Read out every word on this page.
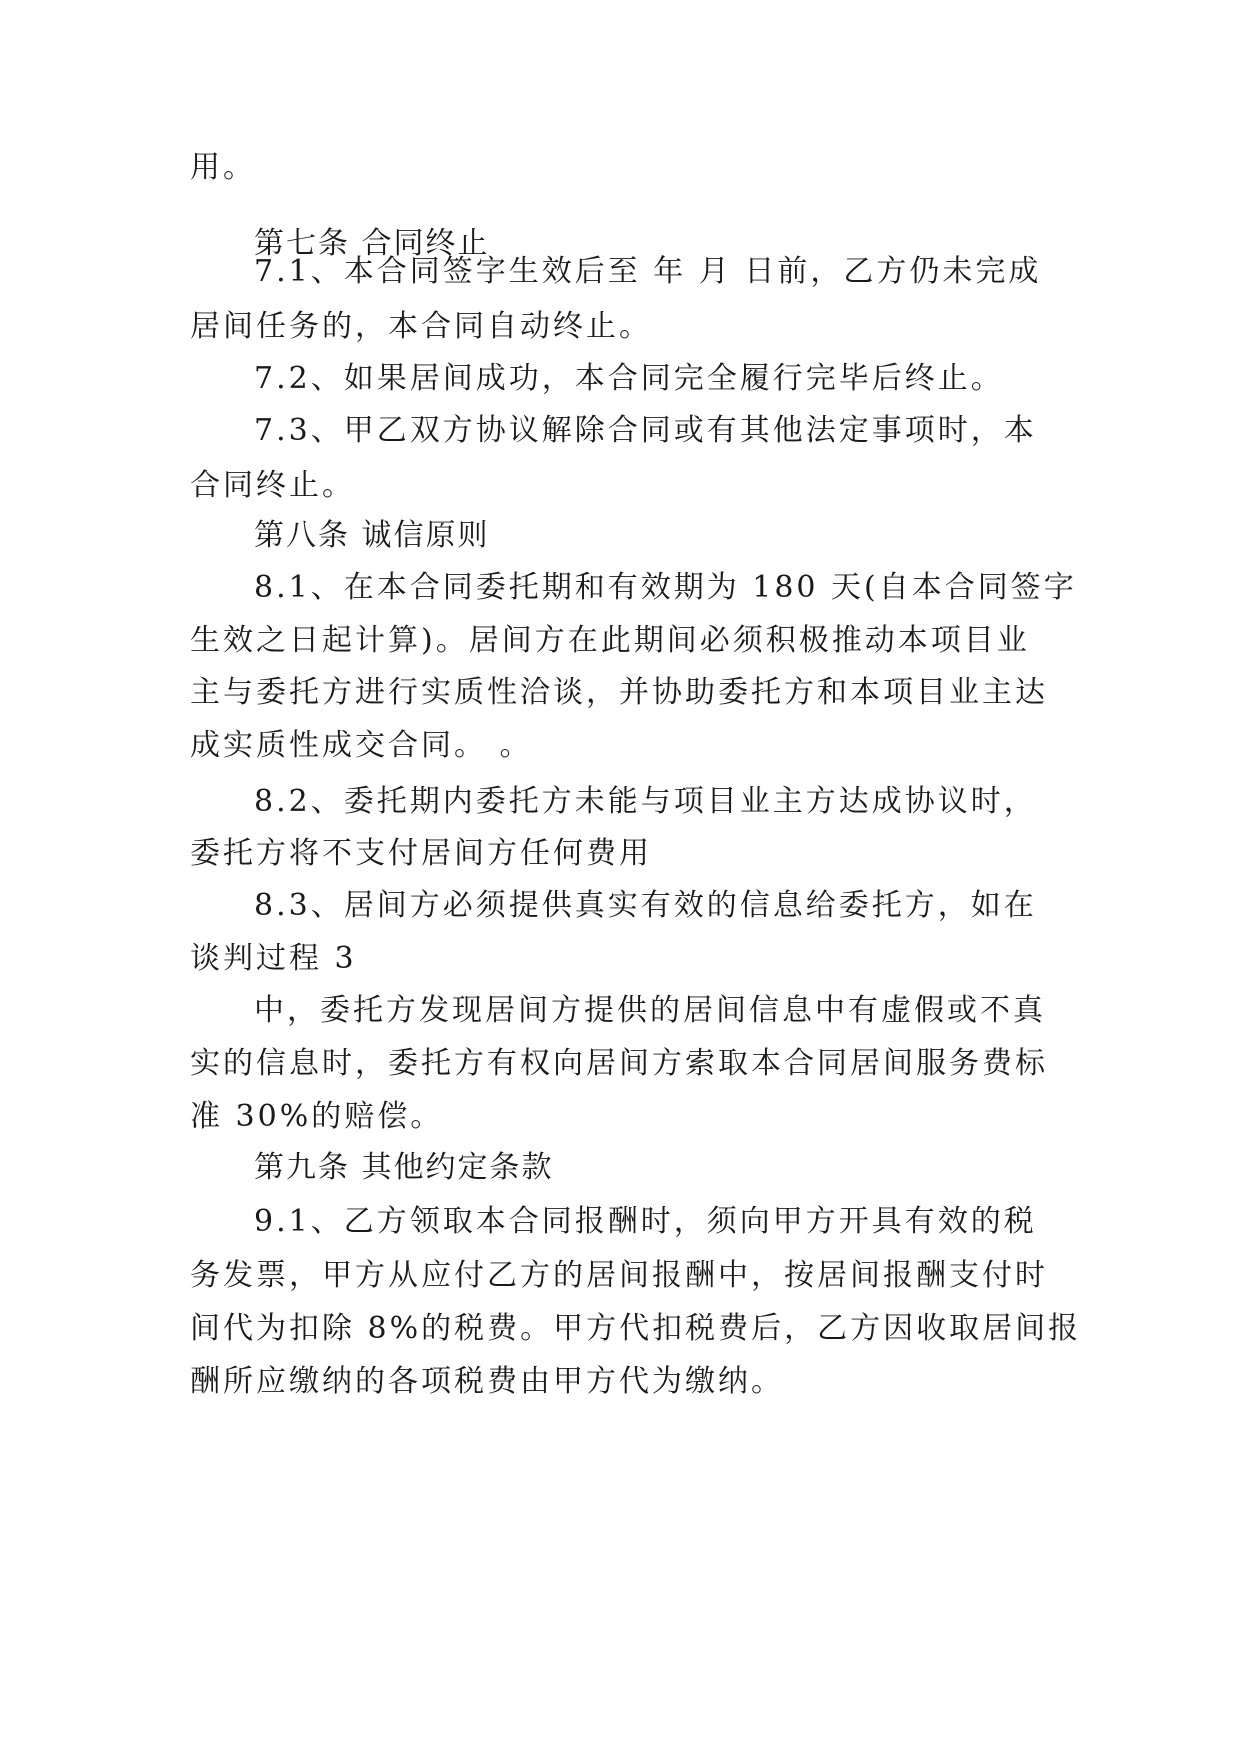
用。
第七条 合同终止
7.1、本合同签字生效后至 年 月 日前，乙方仍未完成
居间任务的，本合同自动终止。
7.2、如果居间成功，本合同完全履行完毕后终止。
7.3、甲乙双方协议解除合同或有其他法定事项时，本
合同终止。
第八条 诚信原则
8.1、在本合同委托期和有效期为 180 天(自本合同签字
生效之日起计算)。居间方在此期间必须积极推动本项目业
主与委托方进行实质性洽谈，并协助委托方和本项目业主达
成实质性成交合同。 。
8.2、委托期内委托方未能与项目业主方达成协议时，
委托方将不支付居间方任何费用
8.3、居间方必须提供真实有效的信息给委托方，如在
谈判过程 3
中，委托方发现居间方提供的居间信息中有虚假或不真
实的信息时，委托方有权向居间方索取本合同居间服务费标
准 30%的赔偿。
第九条 其他约定条款
9.1、乙方领取本合同报酬时，须向甲方开具有效的税
务发票，甲方从应付乙方的居间报酬中，按居间报酬支付时
间代为扣除 8%的税费。甲方代扣税费后，乙方因收取居间报
酬所应缴纳的各项税费由甲方代为缴纳。
